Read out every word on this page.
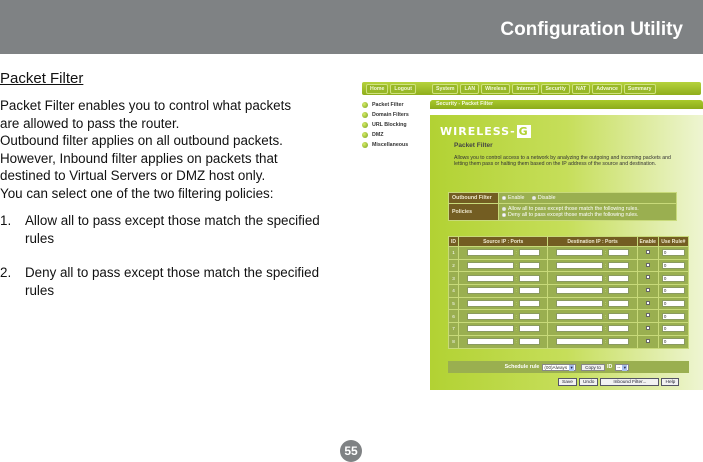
Configuration Utility
Packet Filter
Packet Filter enables you to control what packets
are allowed to pass the router.
Outbound filter applies on all outbound packets.
However, Inbound filter applies on packets that
destined to Virtual Servers or DMZ host only.
You can select one of the two filtering policies:
1.	Allow all to pass except those match the specified rules
2.	Deny all to pass except those match the specified rules
Home	Logout	System	LAN	Wireless	Internet	Security	NAT	Advance	Summary
Packet Filter
Domain Filters
URL Blocking
DMZ
Miscellaneous
Security - Packet Filter
WIRELESS- G
Packet Filter
Allows you to control access to a network by analyzing the outgoing and incoming packets and letting them pass or halting them based on the IP address of the source and destination.
Outbound Filter	Enable Disable
Policies	Allow all to pass except those match the following rules.
Deny all to pass except those match the following rules.
ID	Source IP : Ports	Destination IP : Ports	Enable	Use Rule#
1	:	:		0
2	:	:		0
3	:	:		0
4	:	:		0
5	:	:		0
6	:	:		0
7	:	:		0
8	:	:		0
Schedule rule	(00)Always ▾	Copy to	ID	-- ▾
Save	Undo	Inbound Filter...	Help
55
